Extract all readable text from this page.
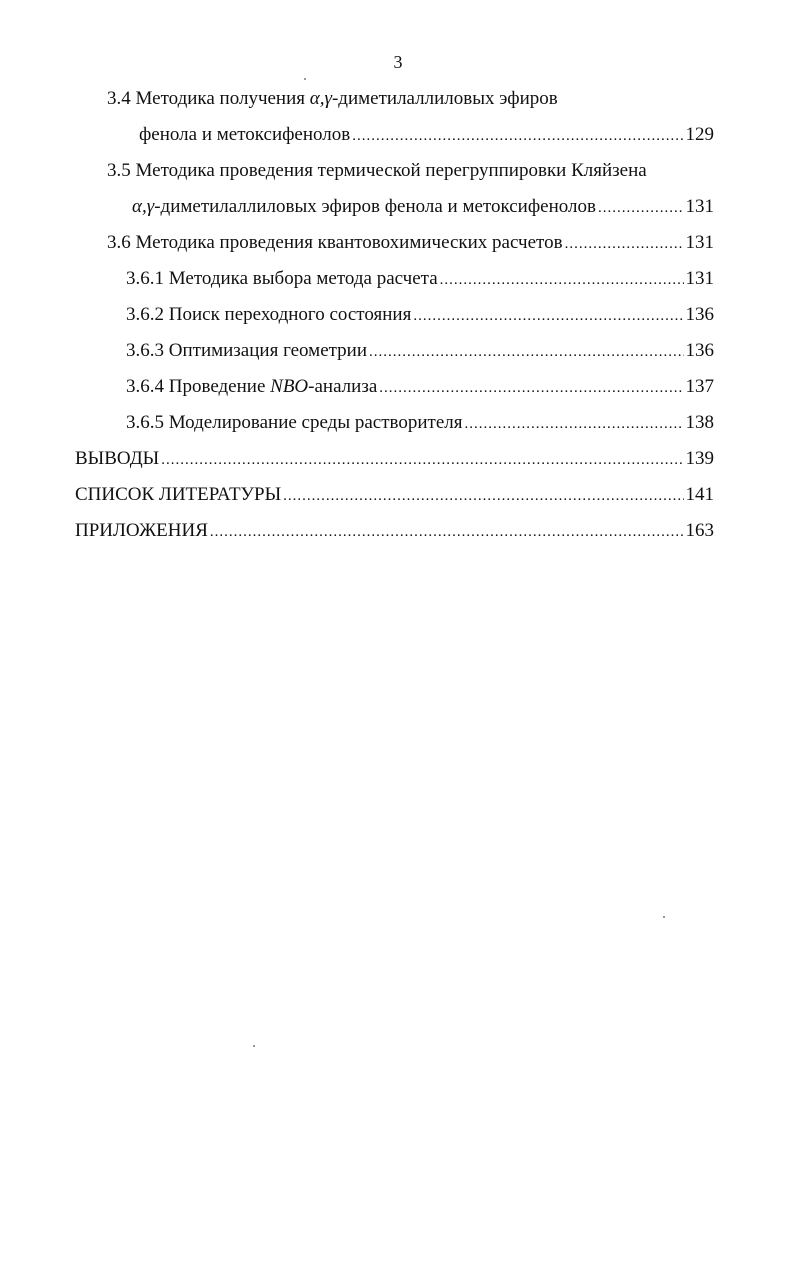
3
3.4 Методика получения α,γ-диметилаллиловых эфиров
фенола и метоксифенолов .....	129
3.5 Методика проведения термической перегруппировки Кляйзена
α,γ-диметилаллиловых эфиров фенола и метоксифенолов .....	131
3.6 Методика проведения квантовохимических расчетов .....	131
3.6.1 Методика выбора метода расчета .....	131
3.6.2 Поиск переходного состояния .....	136
3.6.3 Оптимизация геометрии .....	136
3.6.4 Проведение NBO-анализа .....	137
3.6.5 Моделирование среды растворителя .....	138
ВЫВОДЫ .....	139
СПИСОК ЛИТЕРАТУРЫ .....	141
ПРИЛОЖЕНИЯ .....	163
